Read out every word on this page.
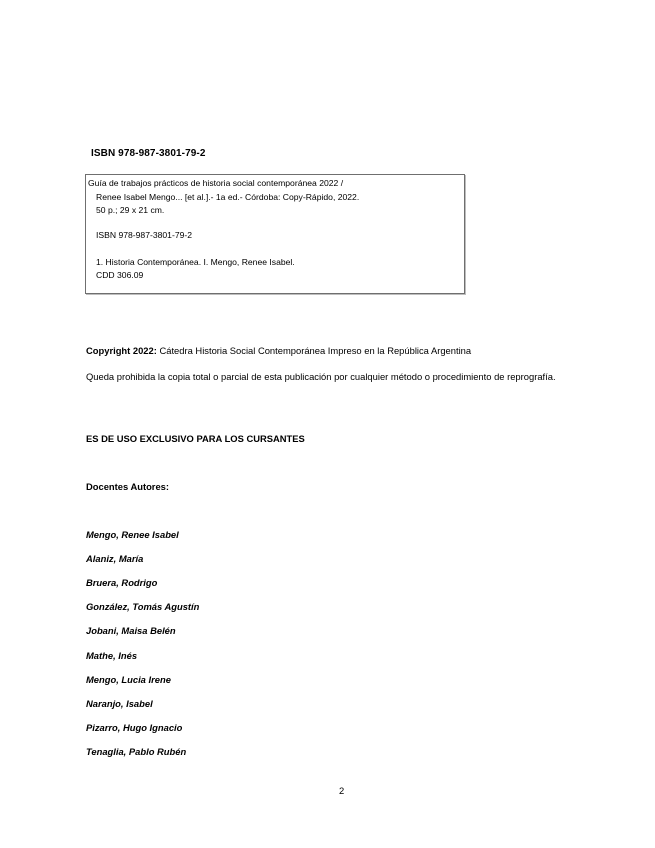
ISBN 978-987-3801-79-2
Guía de trabajos prácticos de historia social contemporánea 2022 /
Renee Isabel Mengo... [et al.].- 1a ed.- Córdoba: Copy-Rápido, 2022.
50 p.; 29 x 21 cm.
ISBN 978-987-3801-79-2
1. Historia Contemporánea. I. Mengo, Renee Isabel.
CDD 306.09
Copyright 2022: Cátedra Historia Social Contemporánea Impreso en la República Argentina
Queda prohibida la copia total o parcial de esta publicación por cualquier método o procedimiento de reprografía.
ES DE USO EXCLUSIVO PARA LOS CURSANTES
Docentes Autores:
Mengo, Renee Isabel
Alaniz, María
Bruera, Rodrigo
González, Tomás Agustín
Jobani, Maisa Belén
Mathe, Inés
Mengo, Lucia Irene
Naranjo, Isabel
Pizarro, Hugo Ignacio
Tenaglia, Pablo Rubén
2
